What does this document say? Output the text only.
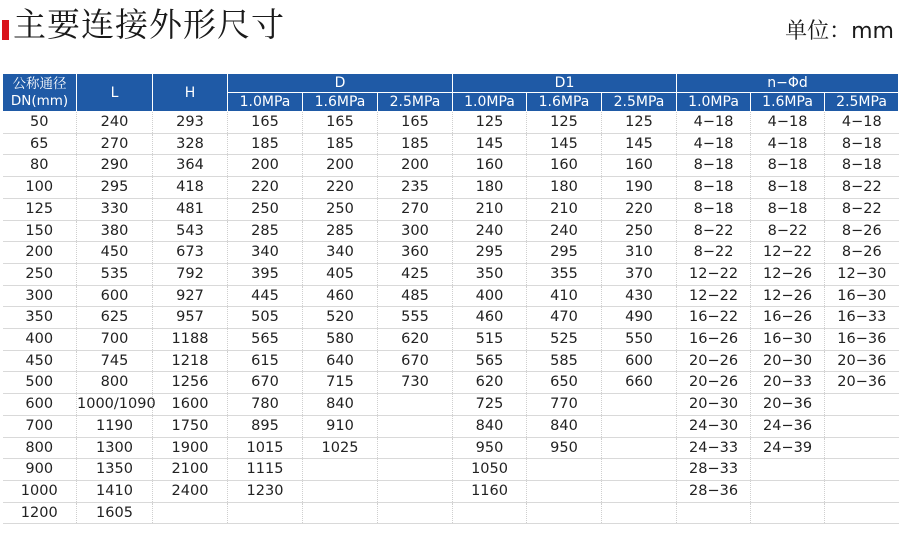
主要连接外形尺寸	单位：mm
公称通径
DN(mm)	L	H	D			D1			n−Φd		
			1.0MPa	1.6MPa	2.5MPa	1.0MPa	1.6MPa	2.5MPa	1.0MPa	1.6MPa	2.5MPa
50	240	293	165	165	165	125	125	125	4−18	4−18	4−18
65	270	328	185	185	185	145	145	145	4−18	4−18	8−18
80	290	364	200	200	200	160	160	160	8−18	8−18	8−18
100	295	418	220	220	235	180	180	190	8−18	8−18	8−22
125	330	481	250	250	270	210	210	220	8−18	8−18	8−22
150	380	543	285	285	300	240	240	250	8−22	8−22	8−26
200	450	673	340	340	360	295	295	310	8−22	12−22	8−26
250	535	792	395	405	425	350	355	370	12−22	12−26	12−30
300	600	927	445	460	485	400	410	430	12−22	12−26	16−30
350	625	957	505	520	555	460	470	490	16−22	16−26	16−33
400	700	1188	565	580	620	515	525	550	16−26	16−30	16−36
450	745	1218	615	640	670	565	585	600	20−26	20−30	20−36
500	800	1256	670	715	730	620	650	660	20−26	20−33	20−36
600	1000/1090	1600	780	840		725	770		20−30	20−36	
700	1190	1750	895	910		840	840		24−30	24−36	
800	1300	1900	1015	1025		950	950		24−33	24−39	
900	1350	2100	1115			1050			28−33		
1000	1410	2400	1230			1160			28−36		
1200	1605										
